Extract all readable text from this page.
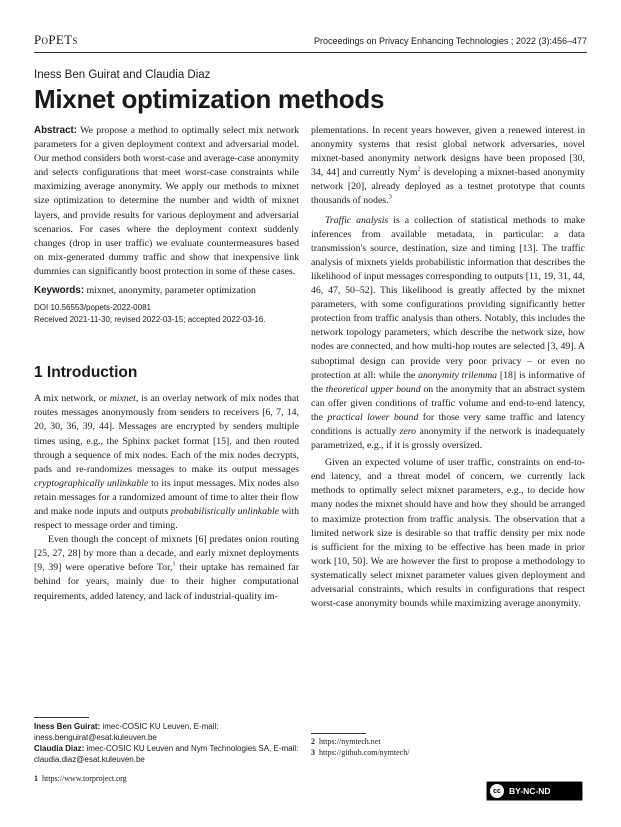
PoPETs	Proceedings on Privacy Enhancing Technologies ; 2022 (3):456–477
Iness Ben Guirat and Claudia Diaz
Mixnet optimization methods

Abstract: We propose a method to optimally select mix network parameters for a given deployment context and adversarial model. Our method considers both worst-case and average-case anonymity and selects configurations that meet worst-case constraints while maximizing average anonymity. We apply our methods to mixnet size optimization to determine the number and width of mixnet layers, and provide results for various deployment and adversarial scenarios. For cases where the deployment context suddenly changes (drop in user traffic) we evaluate countermeasures based on mix-generated dummy traffic and show that inexpensive link dummies can significantly boost protection in some of these cases.

Keywords: mixnet, anonymity, parameter optimization

DOI 10.56553/popets-2022-0081
Received 2021-11-30; revised 2022-03-15; accepted 2022-03-16.
1 Introduction

A mix network, or mixnet, is an overlay network of mix nodes that routes messages anonymously from senders to receivers [6, 7, 14, 20, 30, 36, 39, 44]. Messages are encrypted by senders multiple times using, e.g., the Sphinx packet format [15], and then routed through a sequence of mix nodes. Each of the mix nodes decrypts, pads and re-randomizes messages to make its output messages cryptographically unlinkable to its input messages. Mix nodes also retain messages for a randomized amount of time to alter their flow and make node inputs and outputs probabilistically unlinkable with respect to message order and timing.

Even though the concept of mixnets [6] predates onion routing [25, 27, 28] by more than a decade, and early mixnet deployments [9, 39] were operative before Tor,$^1$ their uptake has remained far behind for years, mainly due to their higher computational requirements, added latency, and lack of industrial-quality im-

Iness Ben Guirat: imec-COSIC KU Leuven, E-mail: iness.benguirat@esat.kuleuven.be
Claudia Diaz: imec-COSIC KU Leuven and Nym Technologies SA, E-mail: claudia.diaz@esat.kuleuven.be
1 https://www.torproject.org

plementations. In recent years however, given a renewed interest in anonymity systems that resist global network adversaries, novel mixnet-based anonymity network designs have been proposed [30, 34, 44] and currently Nym$^2$ is developing a mixnet-based anonymity network [20], already deployed as a testnet prototype that counts thousands of nodes.$^3$

Traffic analysis is a collection of statistical methods to make inferences from available metadata, in particular: a data transmission's source, destination, size and timing [13]. The traffic analysis of mixnets yields probabilistic information that describes the likelihood of input messages corresponding to outputs [11, 19, 31, 44, 46, 47, 50–52]. This likelihood is greatly affected by the mixnet parameters, with some configurations providing significantly better protection from traffic analysis than others. Notably, this includes the network topology parameters, which describe the network size, how nodes are connected, and how multi-hop routes are selected [3, 49]. A suboptimal design can provide very poor privacy – or even no protection at all: while the anonymity trilemma [18] is informative of the theoretical upper bound on the anonymity that an abstract system can offer given conditions of traffic volume and end-to-end latency, the practical lower bound for those very same traffic and latency conditions is actually zero anonymity if the network is inadequately parametrized, e.g., if it is grossly oversized.

Given an expected volume of user traffic, constraints on end-to-end latency, and a threat model of concern, we currently lack methods to optimally select mixnet parameters, e.g., to decide how many nodes the mixnet should have and how they should be arranged to maximize protection from traffic analysis. The observation that a limited network size is desirable so that traffic density per mix node is sufficient for the mixing to be effective has been made in prior work [10, 50]. We are however the first to propose a methodology to systematically select mixnet parameter values given deployment and adversarial constraints, which results in configurations that respect worst-case anonymity bounds while maximizing average anonymity.

2 https://nymtech.net
3 https://github.com/nymtech/
cc BY-NC-ND
